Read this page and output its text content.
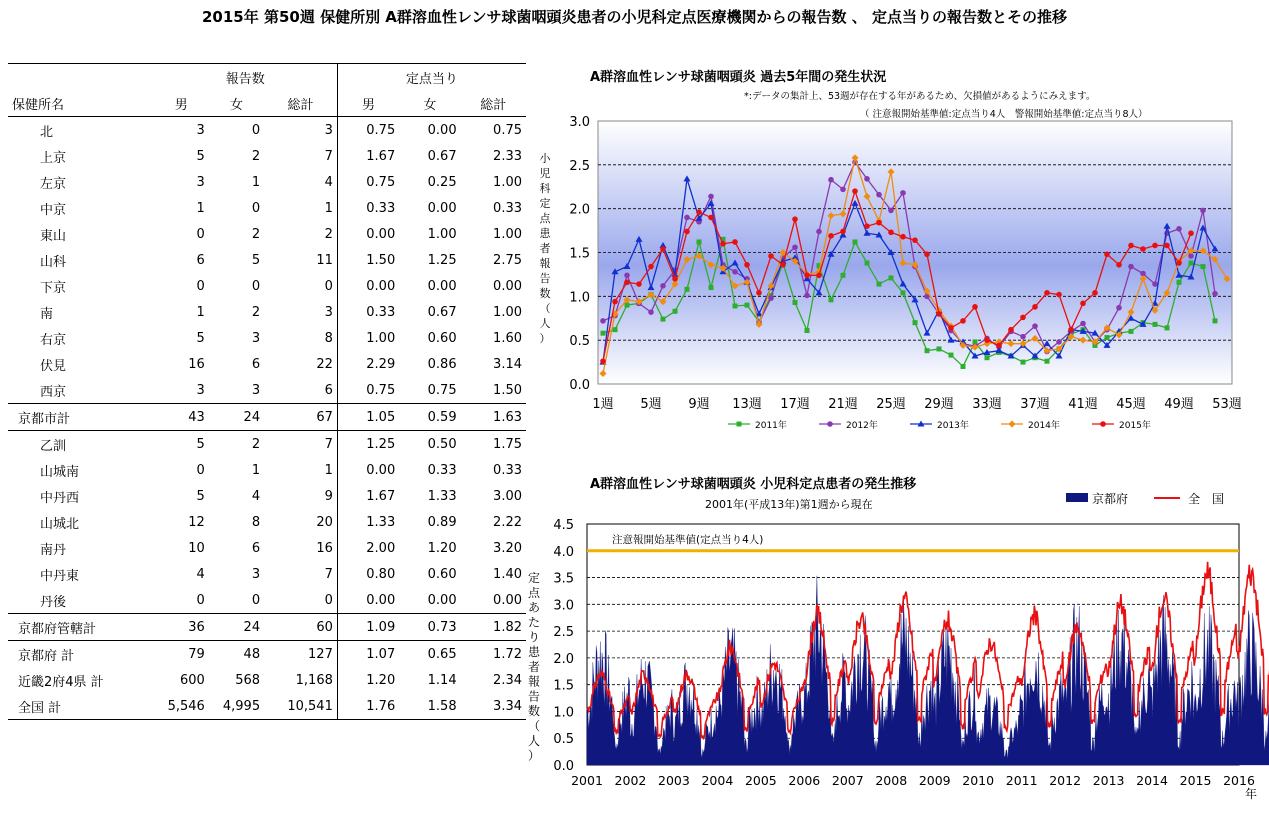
2015年 第50週 保健所別 A群溶血性レンサ球菌咽頭炎患者の小児科定点医療機関からの報告数 、 定点当りの報告数とその推移
	報告数			定点当り		
保健所名	男	女	総計	男	女	総計
北	3	0	3	0.75	0.00	0.75
上京	5	2	7	1.67	0.67	2.33
左京	3	1	4	0.75	0.25	1.00
中京	1	0	1	0.33	0.00	0.33
東山	0	2	2	0.00	1.00	1.00
山科	6	5	11	1.50	1.25	2.75
下京	0	0	0	0.00	0.00	0.00
南	1	2	3	0.33	0.67	1.00
右京	5	3	8	1.00	0.60	1.60
伏見	16	6	22	2.29	0.86	3.14
西京	3	3	6	0.75	0.75	1.50
京都市計	43	24	67	1.05	0.59	1.63
乙訓	5	2	7	1.25	0.50	1.75
山城南	0	1	1	0.00	0.33	0.33
中丹西	5	4	9	1.67	1.33	3.00
山城北	12	8	20	1.33	0.89	2.22
南丹	10	6	16	2.00	1.20	3.20
中丹東	4	3	7	0.80	0.60	1.40
丹後	0	0	0	0.00	0.00	0.00
京都府管轄計	36	24	60	1.09	0.73	1.82
京都府 計	79	48	127	1.07	0.65	1.72
近畿2府4県 計	600	568	1,168	1.20	1.14	2.34
全国 計	5,546	4,995	10,541	1.76	1.58	3.34
0.0
0.5
1.0
1.5
2.0
2.5
3.0
1週 5週 9週 13週 17週 21週 25週 29週 33週 37週 41週 45週 49週 53週
小
児
科
定
点
患
者
報
告
数
（
人
）
2011年	2012年	2013年	2014年	2015年
0.0
0.5
1.0
1.5
2.0
2.5
3.0
3.5
4.0
4.5
2001 2002 2003 2004 2005 2006 2007 2008 2009 2010 2011 2012 2013 2014 2015 2016
年
定
点
あ
た
り
患
者
報
告
数
（
人
）
注意報開始基準値(定点当り4人)
京都府	全　国
A群溶血性レンサ球菌咽頭炎 過去5年間の発生状況
*:データの集計上、53週が存在する年があるため、欠損値があるようにみえます。
（ 注意報開始基準値:定点当り4人　警報開始基準値:定点当り8人）
A群溶血性レンサ球菌咽頭炎 小児科定点患者の発生推移
2001年(平成13年)第1週から現在
